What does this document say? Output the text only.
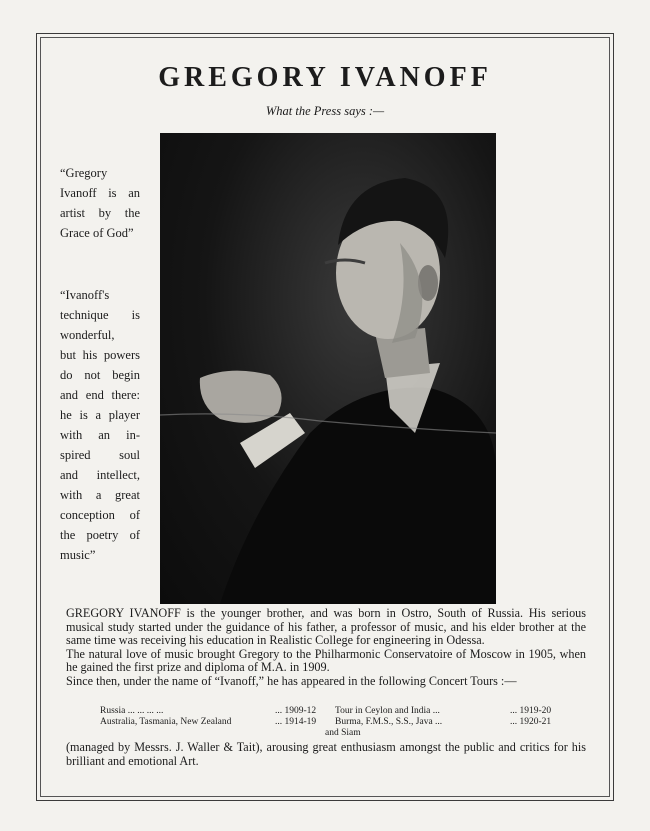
GREGORY IVANOFF
What the Press says :—
“Gregory
Ivanoff is an
artist by the
Grace of God”
“Ivanoff's
technique is
wonderful,
but his powers
do not begin
and end there:
he is a player
with an in-
spired soul
and intellect,
with a great
conception of
the poetry of
music”

GREGORY IVANOFF is the younger brother, and was born in Ostro, South of Russia. His serious musical study started under the guidance of his father, a professor of music, and his elder brother at the same time was receiving his education in Realistic College for engineering in Odessa.

The natural love of music brought Gregory to the Philharmonic Conservatoire of Moscow in 1905, when he gained the first prize and diploma of M.A. in 1909.

Since then, under the name of “Ivanoff,” he has appeared in the following Concert Tours :—

Russia ... ... ... ...	... 1909-12	Tour in Ceylon and India ...	... 1919-20
Australia, Tasmania, New Zealand	... 1914-19	Burma, F.M.S., S.S., Java ...	... 1920-21
and Siam
(managed by Messrs. J. Waller & Tait), arousing great enthusiasm amongst the public and critics for his brilliant and emotional Art.
